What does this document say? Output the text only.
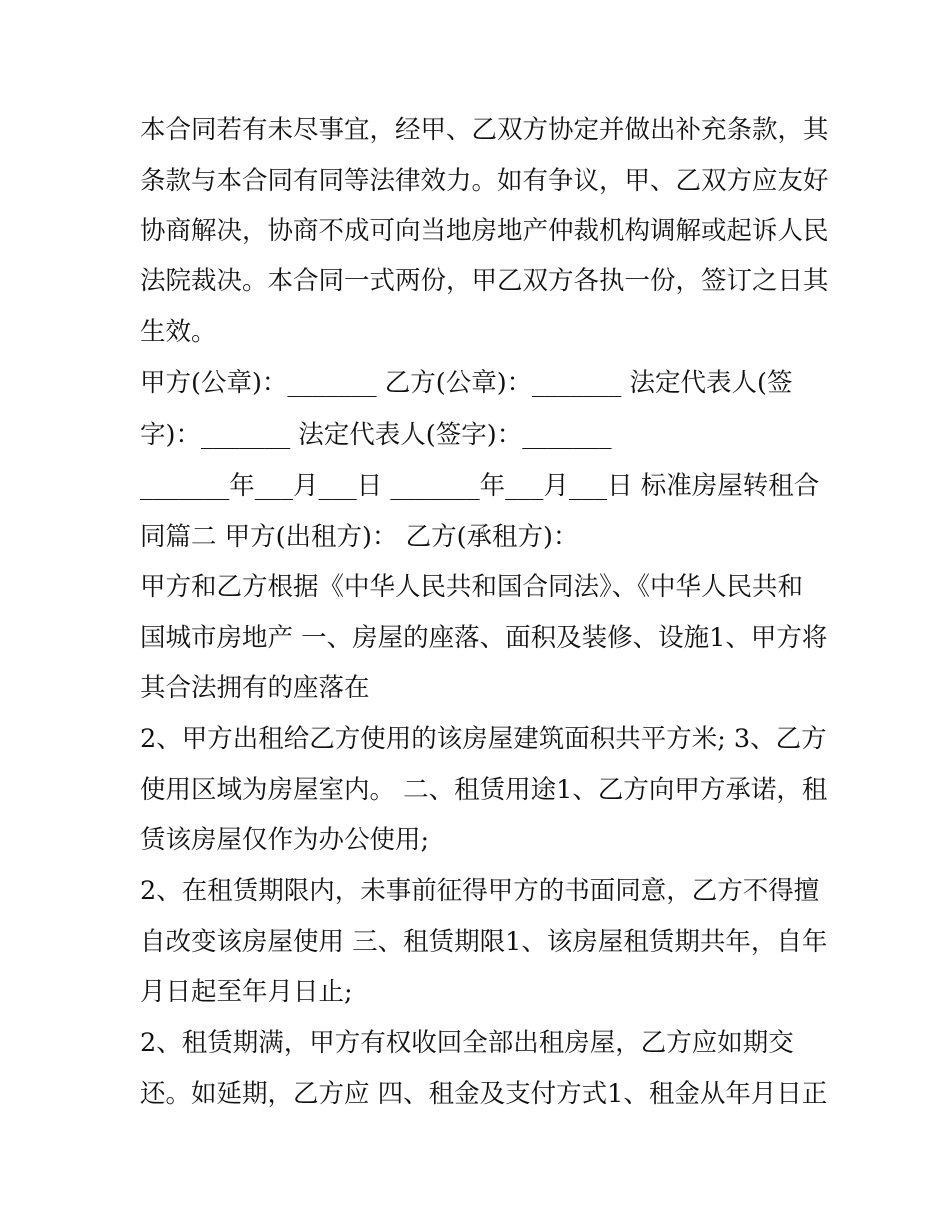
本合同若有未尽事宜，经甲、乙双方协定并做出补充条款，其
条款与本合同有同等法律效力。如有争议，甲、乙双方应友好
协商解决，协商不成可向当地房地产仲裁机构调解或起诉人民
法院裁决。本合同一式两份，甲乙双方各执一份，签订之日其
生效。
甲方(公章)：_______ 乙方(公章)：_______ 法定代表人(签
字)：_______ 法定代表人(签字)：_______
_______年___月___日 _______年___月___日 标准房屋转租合
同篇二 甲方(出租方)： 乙方(承租方)：
甲方和乙方根据《中华人民共和国合同法》、《中华人民共和
国城市房地产 一、房屋的座落、面积及装修、设施1、甲方将
其合法拥有的座落在
2、甲方出租给乙方使用的该房屋建筑面积共平方米; 3、乙方
使用区域为房屋室内。 二、租赁用途1、乙方向甲方承诺，租
赁该房屋仅作为办公使用;
2、在租赁期限内，未事前征得甲方的书面同意，乙方不得擅
自改变该房屋使用 三、租赁期限1、该房屋租赁期共年，自年
月日起至年月日止;
2、租赁期满，甲方有权收回全部出租房屋，乙方应如期交
还。如延期，乙方应 四、租金及支付方式1、租金从年月日正
